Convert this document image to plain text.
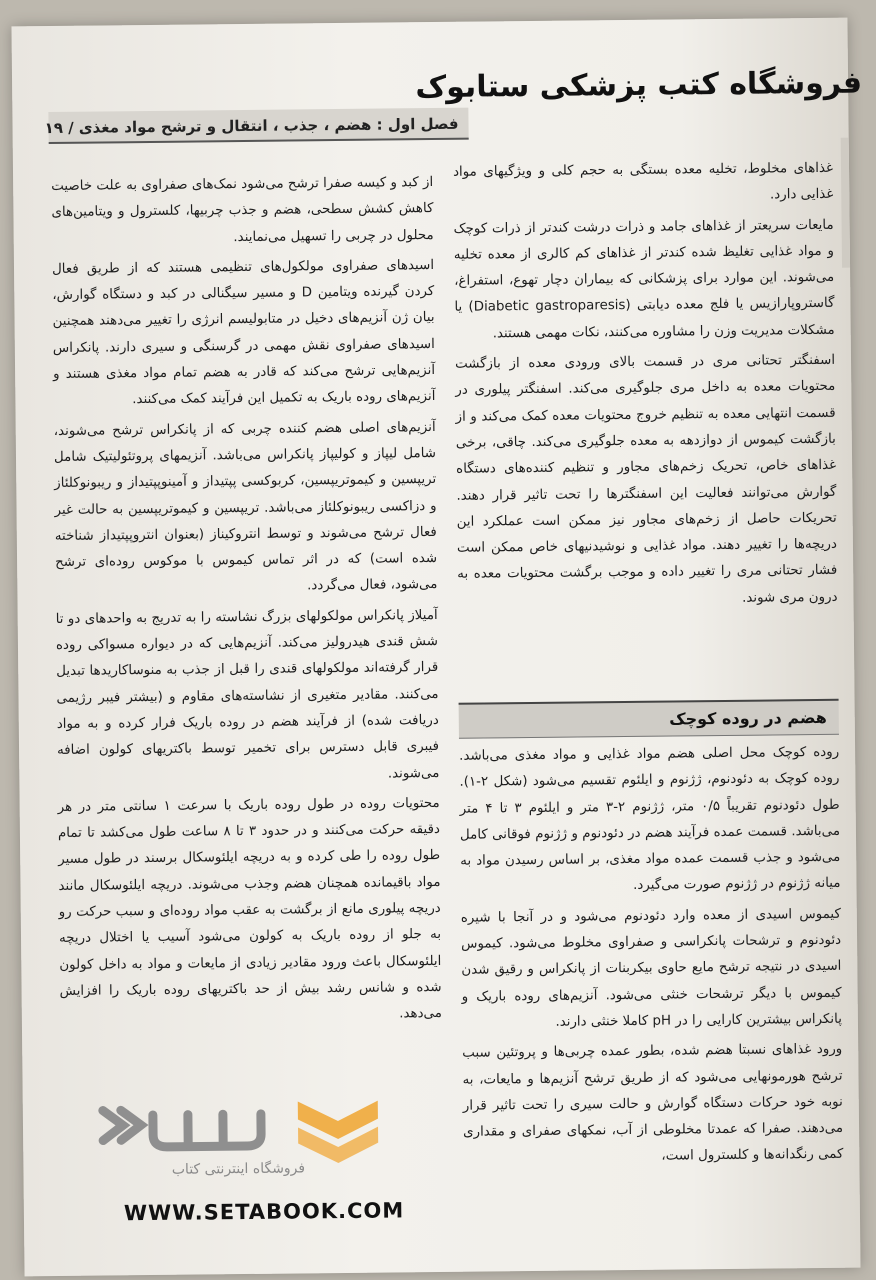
فروشگاه کتب پزشکی ستابوک
فصل اول : هضم ، جذب ، انتقال و ترشح مواد مغذی / ۱۹

غذاهای مخلوط، تخلیه معده بستگی به حجم کلی و ویژگیهای مواد غذایی دارد.

مایعات سریعتر از غذاهای جامد و ذرات درشت کندتر از ذرات کوچک و مواد غذایی تغلیظ شده کندتر از غذاهای کم کالری از معده تخلیه می‌شوند. این موارد برای پزشکانی که بیماران دچار تهوع، استفراغ، گاستروپارازیس یا فلج معده دیابتی (Diabetic gastroparesis) یا مشکلات مدیریت وزن را مشاوره می‌کنند، نکات مهمی هستند.

اسفنگتر تحتانی مری در قسمت بالای ورودی معده از بازگشت محتویات معده به داخل مری جلوگیری می‌کند. اسفنگتر پیلوری در قسمت انتهایی معده به تنظیم خروج محتویات معده کمک می‌کند و از بازگشت کیموس از دوازدهه به معده جلوگیری می‌کند. چاقی، برخی غذاهای خاص، تحریک زخم‌های مجاور و تنظیم کننده‌های دستگاه گوارش می‌توانند فعالیت این اسفنگترها را تحت تاثیر قرار دهند. تحریکات حاصل از زخم‌های مجاور نیز ممکن است عملکرد این دریچه‌ها را تغییر دهند. مواد غذایی و نوشیدنیهای خاص ممکن است فشار تحتانی مری را تغییر داده و موجب برگشت محتویات معده به درون مری شوند.

هضم در روده کوچک

روده کوچک محل اصلی هضم مواد غذایی و مواد مغذی می‌باشد. روده کوچک به دئودنوم، ژژنوم و ایلئوم تقسیم می‌شود (شکل ۲-۱). طول دئودنوم تقریباً ۰/۵ متر، ژژنوم ۲-۳ متر و ایلئوم ۳ تا ۴ متر می‌باشد. قسمت عمده فرآیند هضم در دئودنوم و ژژنوم فوقانی کامل می‌شود و جذب قسمت عمده مواد مغذی، بر اساس رسیدن مواد به میانه ژژنوم در ژژنوم صورت می‌گیرد.

کیموس اسیدی از معده وارد دئودنوم می‌شود و در آنجا با شیره دئودنوم و ترشحات پانکراسی و صفراوی مخلوط می‌شود. کیموس اسیدی در نتیجه ترشح مایع حاوی بیکربنات از پانکراس و رقیق شدن کیموس با دیگر ترشحات خنثی می‌شود. آنزیم‌های روده باریک و پانکراس بیشترین کارایی را در pH کاملا خنثی دارند.

ورود غذاهای نسبتا هضم شده، بطور عمده چربی‌ها و پروتئین سبب ترشح هورمونهایی می‌شود که از طریق ترشح آنزیم‌ها و مایعات، به نوبه خود حرکات دستگاه گوارش و حالت سیری را تحت تاثیر قرار می‌دهند. صفرا که عمدتا مخلوطی از آب، نمکهای صفرای و مقداری کمی رنگدانه‌ها و کلسترول است،

از کبد و کیسه صفرا ترشح می‌شود نمک‌های صفراوی به علت خاصیت کاهش کشش سطحی، هضم و جذب چربیها، کلسترول و ویتامین‌های محلول در چربی را تسهیل می‌نمایند.

اسیدهای صفراوی مولکول‌های تنظیمی هستند که از طریق فعال کردن گیرنده ویتامین D و مسیر سیگنالی در کبد و دستگاه گوارش، بیان ژن آنزیم‌های دخیل در متابولیسم انرژی را تغییر می‌دهند همچنین اسیدهای صفراوی نقش مهمی در گرسنگی و سیری دارند. پانکراس آنزیم‌هایی ترشح می‌کند که قادر به هضم تمام مواد مغذی هستند و آنزیم‌های روده باریک به تکمیل این فرآیند کمک می‌کنند.

آنزیم‌های اصلی هضم کننده چربی که از پانکراس ترشح می‌شوند، شامل لیپاز و کولیپاز پانکراس می‌باشد. آنزیمهای پروتئولیتیک شامل تریپسین و کیموتریپسین، کربوکسی پپتیداز و آمینوپپتیداز و ریبونوکلئاز و دزاکسی ریبونوکلئاز می‌باشد. تریپسین و کیموتریپسین به حالت غیر فعال ترشح می‌شوند و توسط انتروکیناز (بعنوان انتروپپتیداز شناخته شده است) که در اثر تماس کیموس با موکوس روده‌ای ترشح می‌شود، فعال می‌گردد.

آمیلاز پانکراس مولکولهای بزرگ نشاسته را به تدریج به واحدهای دو تا شش قندی هیدرولیز می‌کند. آنزیم‌هایی که در دیواره مسواکی روده قرار گرفته‌اند مولکولهای قندی را قبل از جذب به منوساکاریدها تبدیل می‌کنند. مقادیر متغیری از نشاسته‌های مقاوم و (بیشتر فیبر رژیمی دریافت شده) از فرآیند هضم در روده باریک فرار کرده و به مواد فیبری قابل دسترس برای تخمیر توسط باکتریهای کولون اضافه می‌شوند.

محتویات روده در طول روده باریک با سرعت ۱ سانتی متر در هر دقیقه حرکت می‌کنند و در حدود ۳ تا ۸ ساعت طول می‌کشد تا تمام طول روده را طی کرده و به دریچه ایلئوسکال برسند در طول مسیر مواد باقیمانده همچنان هضم وجذب می‌شوند. دریچه ایلئوسکال مانند دریچه پیلوری مانع از برگشت به عقب مواد روده‌ای و سبب حرکت رو به جلو از روده باریک به کولون می‌شود آسیب یا اختلال دریچه ایلئوسکال باعث ورود مقادیر زیادی از مایعات و مواد به داخل کولون شده و شانس رشد بیش از حد باکتریهای روده باریک را افزایش می‌دهد.

فروشگاه اینترنتی کتاب
WWW.SETABOOK.COM
